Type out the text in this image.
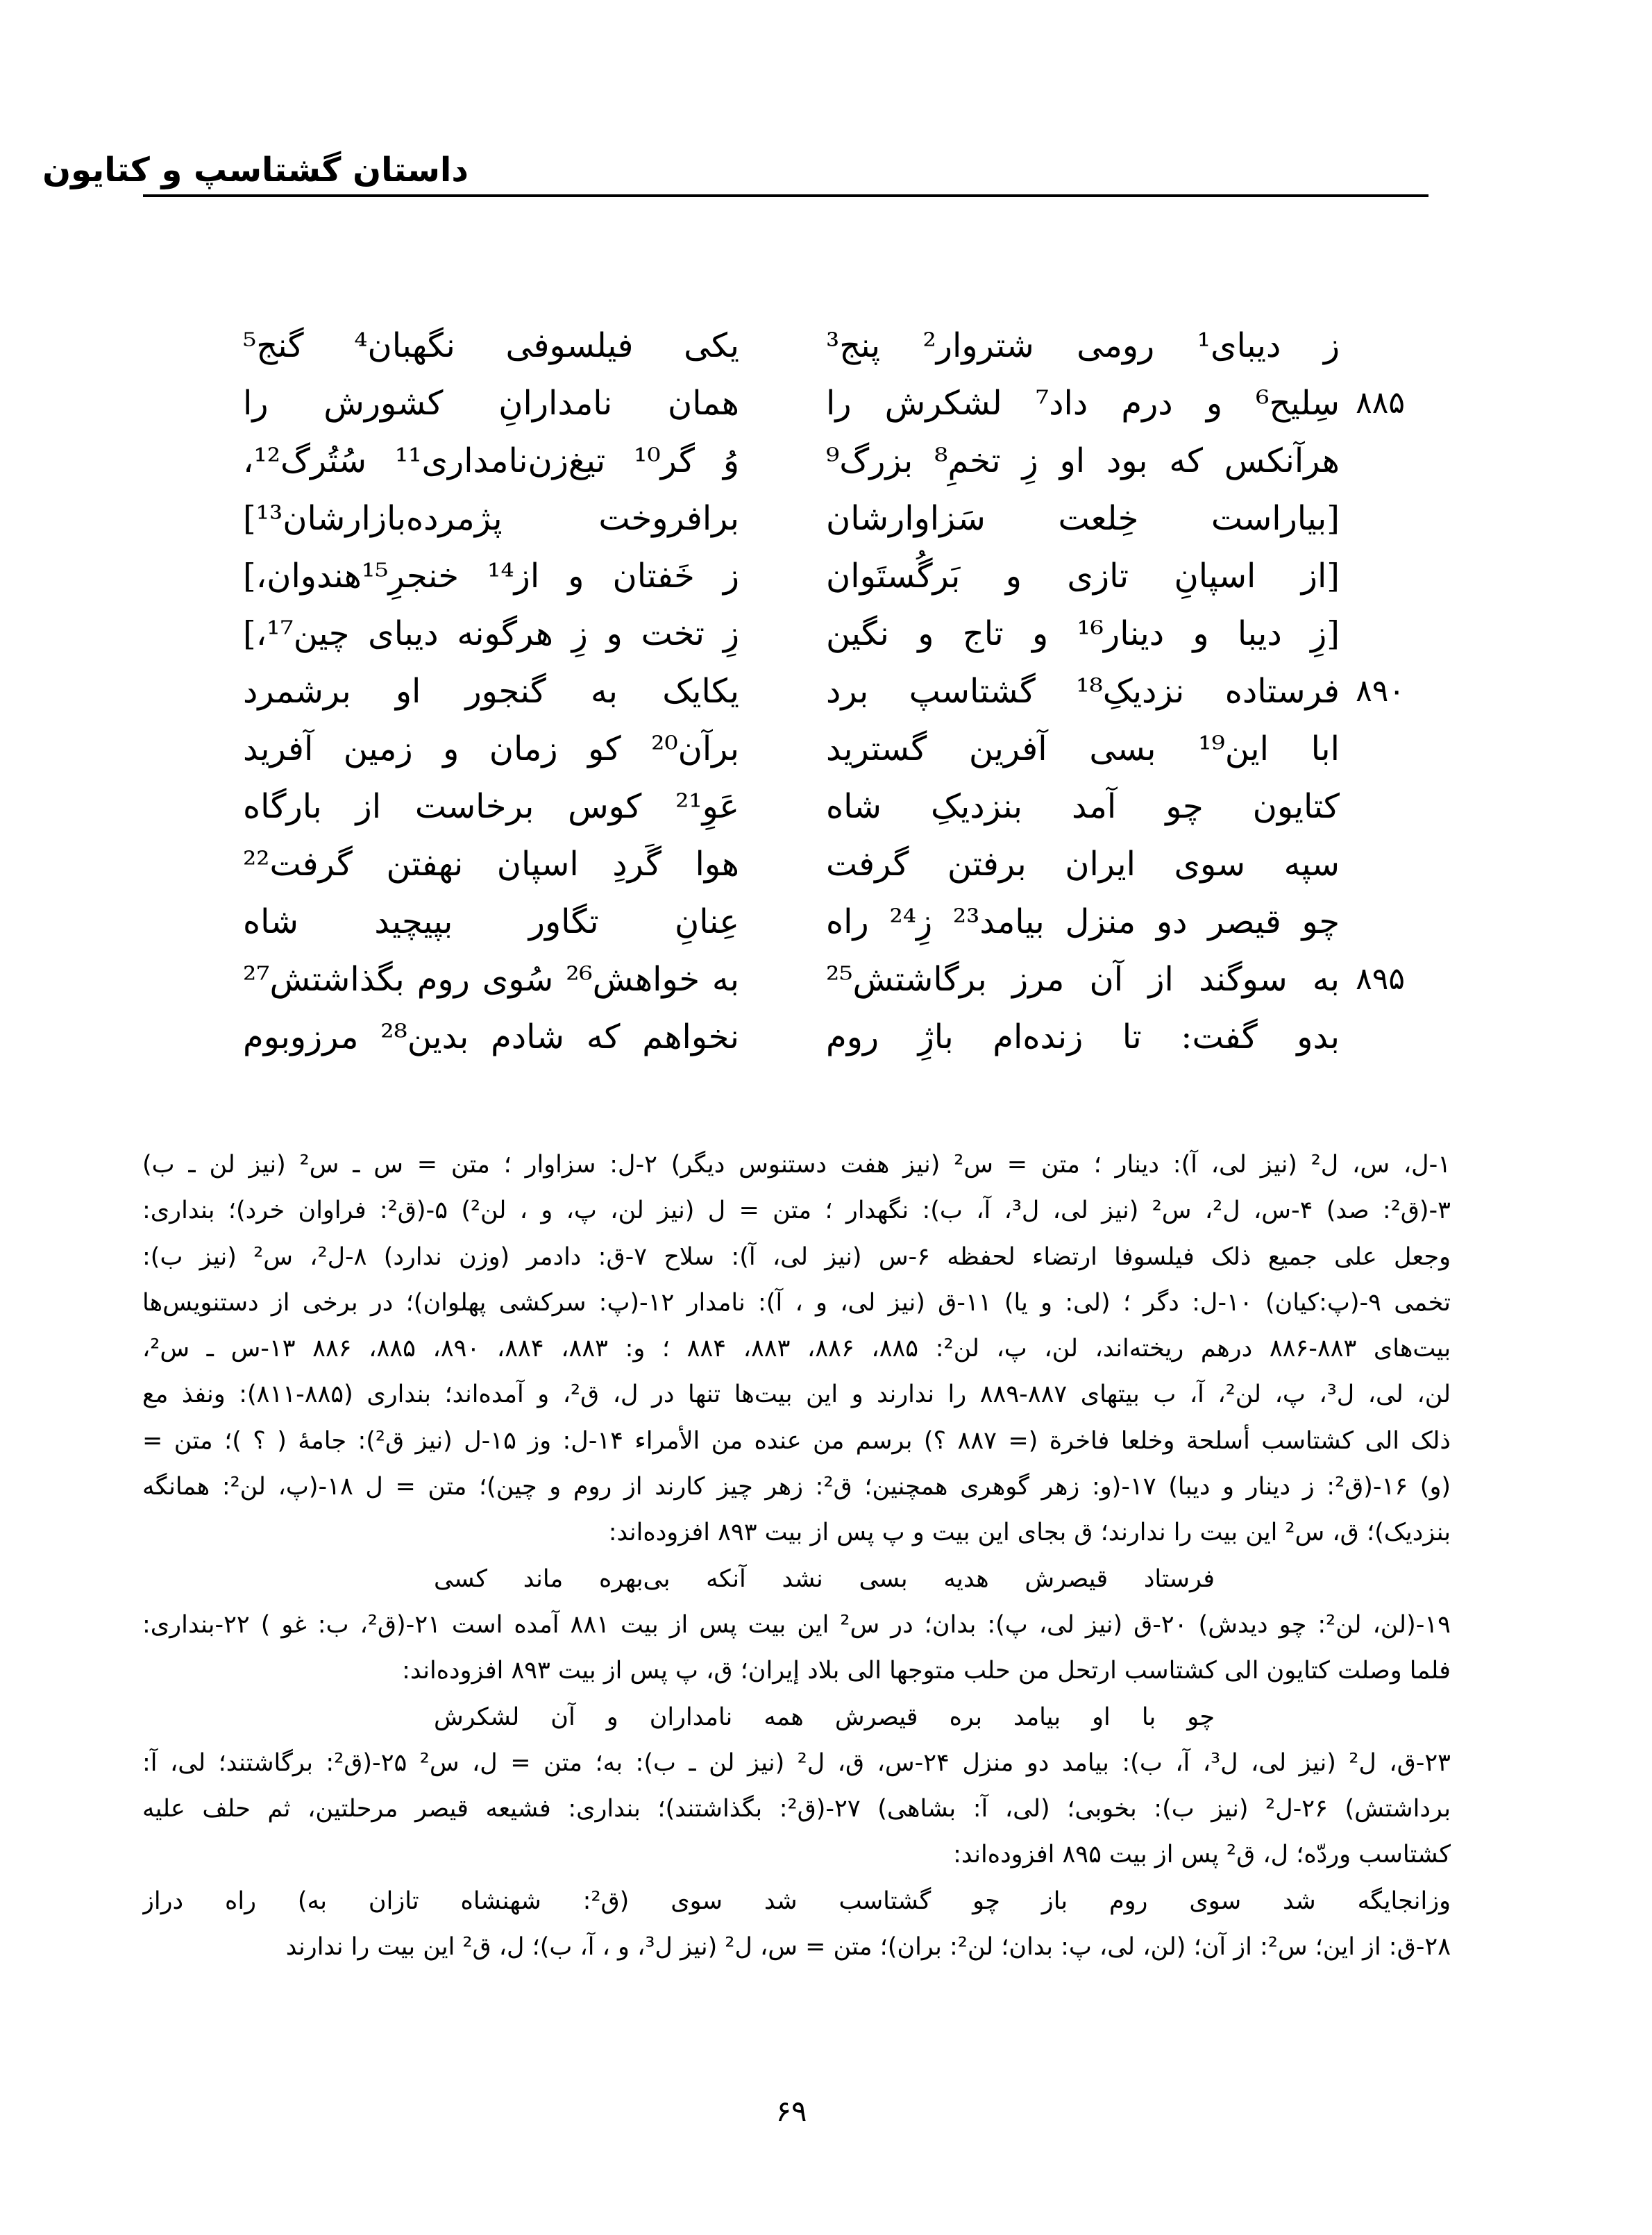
داستان گشتاسپ و کتایون
ز دیبای¹ رومی شتروار² پنج³
یکی فیلسوفی نگهبان⁴ گنج⁵
۸۸۵
سِلیح⁶ و درم داد⁷ لشکرش را
همان نامدارانِ کشورش را
هرآنکس که بود او زِ تخمِ⁸ بزرگ⁹
وُ گر¹⁰ تیغ‌زن‌نامداری¹¹ سُتُرگ¹²،
[بیاراست خِلعت سَزاوارشان
برافروخت پژمرده‌بازارشان¹³]
[از اسپانِ تازی و بَرگُستَوان
ز خَفتان و از¹⁴ خنجرِ¹⁵هندوان،]
[زِ دیبا و دینار¹⁶ و تاج و نگین
زِ تخت و زِ هرگونه دیبای چین¹⁷،]
۸۹۰
فرستاده نزدیکِ¹⁸ گشتاسپ برد
یکایک به گنجور او برشمرد
ابا این¹⁹ بسی آفرین گسترید
برآن²⁰ کو زمان و زمین آفرید
کتایون چو آمد بنزدیکِ شاه
عَوِ²¹ کوس برخاست از بارگاه
سپه سوی ایران برفتن گرفت
هوا گَردِ اسپان نهفتن گرفت²²
چو قیصر دو منزل بیامد²³ زِ²⁴ راه
عِنانِ تگاور بپیچید شاه
۸۹۵
به سوگند از آن مرز برگاشتش²⁵
به خواهش²⁶ سُوی روم بگذاشتش²⁷
بدو گفت: تا زنده‌ام باژِ روم
نخواهم که شادم بدین²⁸ مرزوبوم
۱-ل، س، ل² (نیز لی، آ): دینار ؛ متن = س² (نیز هفت دستنوس دیگر) ۲-ل: سزاوار ؛ متن = س ـ س² (نیز لن ـ ب)
۳-(ق²: صد) ۴-س، ل²، س² (نیز لی، ل³، آ، ب): نگهدار ؛ متن = ل (نیز لن، پ، و ، لن²) ۵-(ق²: فراوان خرد)؛ بنداری:
وجعل علی جمیع ذلک فیلسوفا ارتضاء لحفظه ۶-س (نیز لی، آ): سلاح ۷-ق: دادمر (وزن ندارد) ۸-ل²، س² (نیز ب):
تخمی ۹-(پ:کیان) ۱۰-ل: دگر ؛ (لی: و یا) ۱۱-ق (نیز لی، و ، آ): نامدار ۱۲-(پ: سرکشی پهلوان)؛ در برخی از دستنویس‌ها
بیت‌های ۸۸۳-۸۸۶ درهم ریخته‌اند، لن، پ، لن²: ۸۸۵، ۸۸۶، ۸۸۳، ۸۸۴ ؛ و: ۸۸۳، ۸۸۴، ۸۹۰، ۸۸۵، ۸۸۶ ۱۳-س ـ س²،
لن، لی، ل³، پ، لن²، آ، ب بیتهای ۸۸۷-۸۸۹ را ندارند و این بیت‌ها تنها در ل، ق²، و آمده‌اند؛ بنداری (۸۸۵-۸۱۱): ونفذ مع
ذلک الی کشتاسب أسلحة وخلعا فاخرة (= ۸۸۷ ؟) برسم من عنده من الأمراء ۱۴-ل: وز ۱۵-ل (نیز ق²): جامهٔ ( ؟ )؛ متن =
(و) ۱۶-(ق²: ز دینار و دیبا) ۱۷-(و: زهر گوهری همچنین؛ ق²: زهر چیز کارند از روم و چین)؛ متن = ل ۱۸-(پ، لن²: همانگه
بنزدیک)؛ ق، س² این بیت را ندارند؛ ق بجای این بیت و پ پس از بیت ۸۹۳ افزوده‌اند:
فرستاد قیصرش هدیه بسی نشد آنکه بی‌بهره ماند کسی
۱۹-(لن، لن²: چو دیدش) ۲۰-ق (نیز لی، پ): بدان؛ در س² این بیت پس از بیت ۸۸۱ آمده است ۲۱-(ق²، ب: غو ) ۲۲-بنداری:
فلما وصلت کتایون الی کشتاسب ارتحل من حلب متوجها الی بلاد إیران؛ ق، پ پس از بیت ۸۹۳ افزوده‌اند:
چو با او بیامد بره قیصرش همه نامداران و آن لشکرش
۲۳-ق، ل² (نیز لی، ل³، آ، ب): بیامد دو منزل ۲۴-س، ق، ل² (نیز لن ـ ب): به؛ متن = ل، س² ۲۵-(ق²: برگاشتند؛ لی، آ:
برداشتش) ۲۶-ل² (نیز ب): بخوبی؛ (لی، آ: بشاهی) ۲۷-(ق²: بگذاشتند)؛ بنداری: فشیعه قیصر مرحلتین، ثم حلف علیه
کشتاسب وردّه؛ ل، ق² پس از بیت ۸۹۵ افزوده‌اند:
وزانجایگه شد سوی روم باز چو گشتاسب شد سوی (ق²: شهنشاه تازان به) راه دراز
۲۸-ق: از این؛ س²: از آن؛ (لن، لی، پ: بدان؛ لن²: بران)؛ متن = س، ل² (نیز ل³، و ، آ، ب)؛ ل، ق² این بیت را ندارند
۶۹
